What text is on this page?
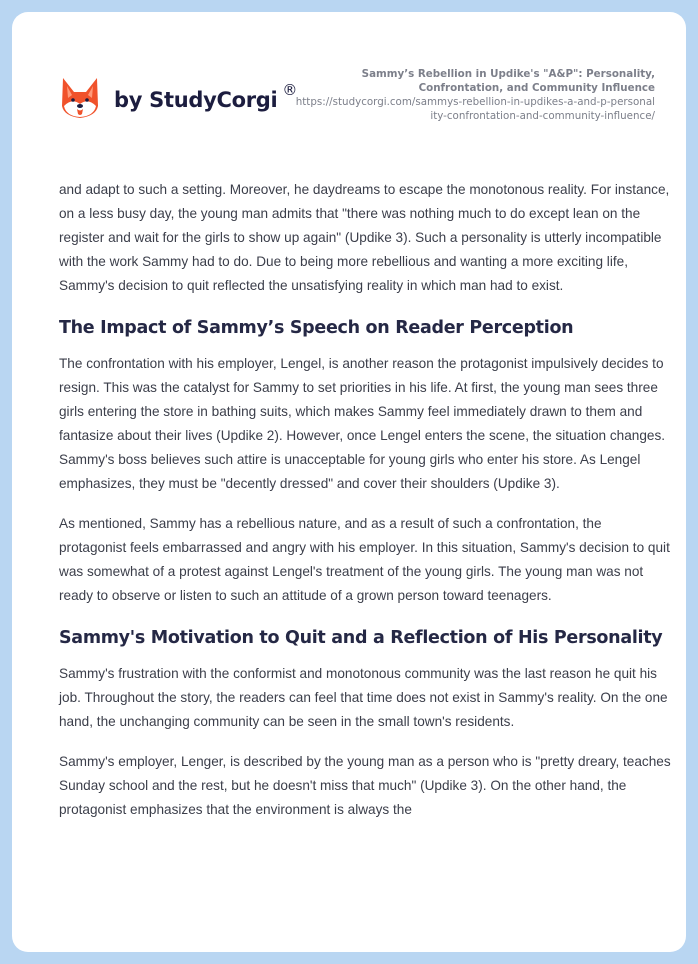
by StudyCorgi ®
Sammy’s Rebellion in Updike's "A&P": Personality, Confrontation, and Community Influence
https://studycorgi.com/sammys-rebellion-in-updikes-a-and-p-personality-confrontation-and-community-influence/

and adapt to such a setting. Moreover, he daydreams to escape the monotonous reality. For instance, on a less busy day, the young man admits that "there was nothing much to do except lean on the register and wait for the girls to show up again" (Updike 3). Such a personality is utterly incompatible with the work Sammy had to do. Due to being more rebellious and wanting a more exciting life, Sammy's decision to quit reflected the unsatisfying reality in which man had to exist.

The Impact of Sammy’s Speech on Reader Perception

The confrontation with his employer, Lengel, is another reason the protagonist impulsively decides to resign. This was the catalyst for Sammy to set priorities in his life. At first, the young man sees three girls entering the store in bathing suits, which makes Sammy feel immediately drawn to them and fantasize about their lives (Updike 2). However, once Lengel enters the scene, the situation changes. Sammy's boss believes such attire is unacceptable for young girls who enter his store. As Lengel emphasizes, they must be "decently dressed" and cover their shoulders (Updike 3).

As mentioned, Sammy has a rebellious nature, and as a result of such a confrontation, the protagonist feels embarrassed and angry with his employer. In this situation, Sammy's decision to quit was somewhat of a protest against Lengel's treatment of the young girls. The young man was not ready to observe or listen to such an attitude of a grown person toward teenagers.

Sammy's Motivation to Quit and a Reflection of His Personality

Sammy's frustration with the conformist and monotonous community was the last reason he quit his job. Throughout the story, the readers can feel that time does not exist in Sammy's reality. On the one hand, the unchanging community can be seen in the small town's residents.

Sammy's employer, Lenger, is described by the young man as a person who is "pretty dreary, teaches Sunday school and the rest, but he doesn't miss that much" (Updike 3). On the other hand, the protagonist emphasizes that the environment is always the
